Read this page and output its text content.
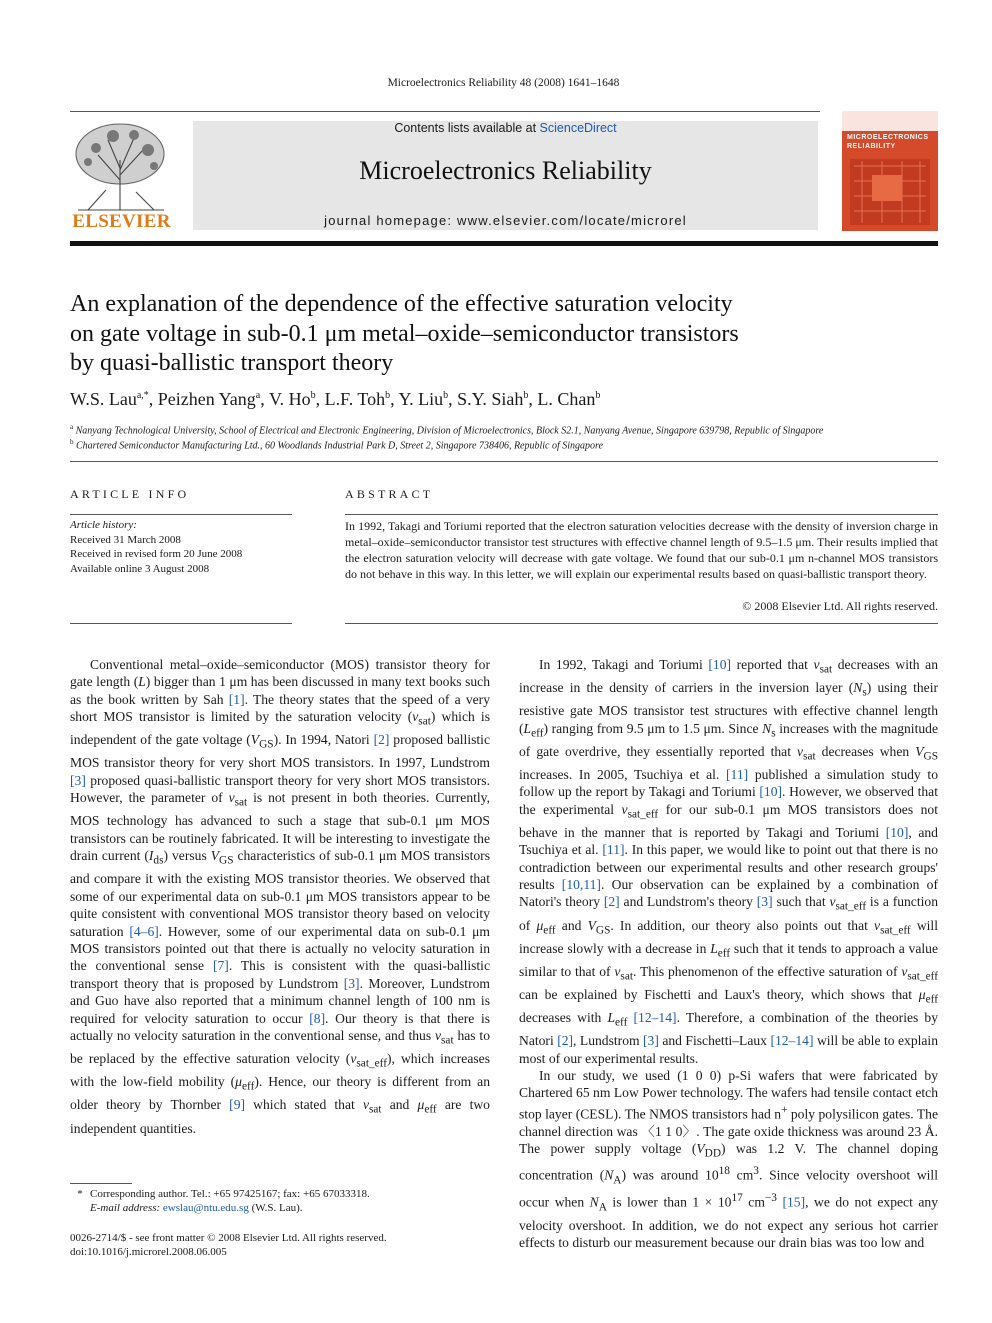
Microelectronics Reliability 48 (2008) 1641–1648
ELSEVIER
Contents lists available at ScienceDirect
Microelectronics Reliability
journal homepage: www.elsevier.com/locate/microrel
MICROELECTRONICS
RELIABILITY
An explanation of the dependence of the effective saturation velocity
on gate voltage in sub-0.1 μm metal–oxide–semiconductor transistors
by quasi-ballistic transport theory
W.S. Lau$^{a,*}$, Peizhen Yang$^a$, V. Ho$^b$, L.F. Toh$^b$, Y. Liu$^b$, S.Y. Siah$^b$, L. Chan$^b$
$^a$ Nanyang Technological University, School of Electrical and Electronic Engineering, Division of Microelectronics, Block S2.1, Nanyang Avenue, Singapore 639798, Republic of Singapore
$^b$ Chartered Semiconductor Manufacturing Ltd., 60 Woodlands Industrial Park D, Street 2, Singapore 738406, Republic of Singapore
ARTICLE INFO
Article history:
Received 31 March 2008
Received in revised form 20 June 2008
Available online 3 August 2008
ABSTRACT
In 1992, Takagi and Toriumi reported that the electron saturation velocities decrease with the density of inversion charge in metal–oxide–semiconductor transistor test structures with effective channel length of 9.5–1.5 μm. Their results implied that the electron saturation velocity will decrease with gate voltage. We found that our sub-0.1 μm n-channel MOS transistors do not behave in this way. In this letter, we will explain our experimental results based on quasi-ballistic transport theory.
© 2008 Elsevier Ltd. All rights reserved.

Conventional metal–oxide–semiconductor (MOS) transistor theory for gate length (L) bigger than 1 μm has been discussed in many text books such as the book written by Sah [1]. The theory states that the speed of a very short MOS transistor is limited by the saturation velocity $(v_{sat})$ which is independent of the gate voltage $(V_{GS})$. In 1994, Natori [2] proposed ballistic MOS transistor theory for very short MOS transistors. In 1997, Lundstrom [3] proposed quasi-ballistic transport theory for very short MOS transistors. However, the parameter of $v_{sat}$ is not present in both theories. Currently, MOS technology has advanced to such a stage that sub-0.1 μm MOS transistors can be routinely fabricated. It will be interesting to investigate the drain current $(I_{ds})$ versus $V_{GS}$ characteristics of sub-0.1 μm MOS transistors and compare it with the existing MOS transistor theories. We observed that some of our experimental data on sub-0.1 μm MOS transistors appear to be quite consistent with conventional MOS transistor theory based on velocity saturation [4–6]. However, some of our experimental data on sub-0.1 μm MOS transistors pointed out that there is actually no velocity saturation in the conventional sense [7]. This is consistent with the quasi-ballistic transport theory that is proposed by Lundstrom [3]. Moreover, Lundstrom and Guo have also reported that a minimum channel length of 100 nm is required for velocity saturation to occur [8]. Our theory is that there is actually no velocity saturation in the conventional sense, and thus $v_{sat}$ has to be replaced by the effective saturation velocity $(v_{sat\_eff})$, which increases with the low-field mobility $(\mu_{eff})$. Hence, our theory is different from an older theory by Thornber [9] which stated that $v_{sat}$ and $\mu_{eff}$ are two independent quantities.

In 1992, Takagi and Toriumi [10] reported that $v_{sat}$ decreases with an increase in the density of carriers in the inversion layer $(N_s)$ using their resistive gate MOS transistor test structures with effective channel length $(L_{eff})$ ranging from 9.5 μm to 1.5 μm. Since $N_s$ increases with the magnitude of gate overdrive, they essentially reported that $v_{sat}$ decreases when $V_{GS}$ increases. In 2005, Tsuchiya et al. [11] published a simulation study to follow up the report by Takagi and Toriumi [10]. However, we observed that the experimental $v_{sat\_eff}$ for our sub-0.1 μm MOS transistors does not behave in the manner that is reported by Takagi and Toriumi [10], and Tsuchiya et al. [11]. In this paper, we would like to point out that there is no contradiction between our experimental results and other research groups' results [10,11]. Our observation can be explained by a combination of Natori's theory [2] and Lundstrom's theory [3] such that $v_{sat\_eff}$ is a function of $\mu_{eff}$ and $V_{GS}$. In addition, our theory also points out that $v_{sat\_eff}$ will increase slowly with a decrease in $L_{eff}$ such that it tends to approach a value similar to that of $v_{sat}$. This phenomenon of the effective saturation of $v_{sat\_eff}$ can be explained by Fischetti and Laux's theory, which shows that $\mu_{eff}$ decreases with $L_{eff}$ [12–14]. Therefore, a combination of the theories by Natori [2], Lundstrom [3] and Fischetti–Laux [12–14] will be able to explain most of our experimental results.

In our study, we used (1 0 0) p-Si wafers that were fabricated by Chartered 65 nm Low Power technology. The wafers had tensile contact etch stop layer (CESL). The NMOS transistors had n+ poly polysilicon gates. The channel direction was 〈1 1 0〉. The gate oxide thickness was around 23 Å. The power supply voltage $(V_{DD})$ was 1.2 V. The channel doping concentration $(N_A)$ was around $10^{18}$ $cm^3$. Since velocity overshoot will occur when $N_A$ is lower than $1 \times 10^{17}$ $cm^{-3}$ [15], we do not expect any velocity overshoot. In addition, we do not expect any serious hot carrier effects to disturb our measurement because our drain bias was too low and

* Corresponding author. Tel.: +65 97425167; fax: +65 67033318.
E-mail address: ewslau@ntu.edu.sg (W.S. Lau).
0026-2714/$ - see front matter © 2008 Elsevier Ltd. All rights reserved.
doi:10.1016/j.microrel.2008.06.005
